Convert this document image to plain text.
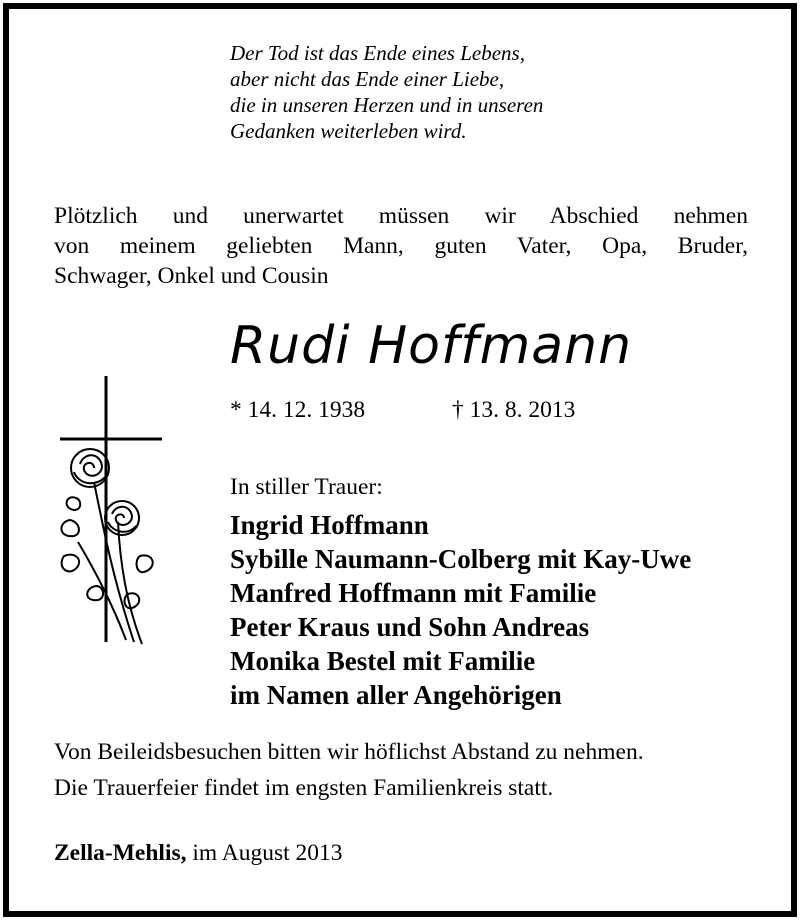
Der Tod ist das Ende eines Lebens,
aber nicht das Ende einer Liebe,
die in unseren Herzen und in unseren
Gedanken weiterleben wird.
Plötzlich und unerwartet müssen wir Abschied nehmen
von meinem geliebten Mann, guten Vater, Opa, Bruder,
Schwager, Onkel und Cousin
Rudi Hoffmann
* 14. 12. 1938	† 13. 8. 2013
In stiller Trauer:
Ingrid Hoffmann
Sybille Naumann-Colberg mit Kay-Uwe
Manfred Hoffmann mit Familie
Peter Kraus und Sohn Andreas
Monika Bestel mit Familie
im Namen aller Angehörigen
Von Beileidsbesuchen bitten wir höflichst Abstand zu nehmen.
Die Trauerfeier findet im engsten Familienkreis statt.
Zella-Mehlis, im August 2013
